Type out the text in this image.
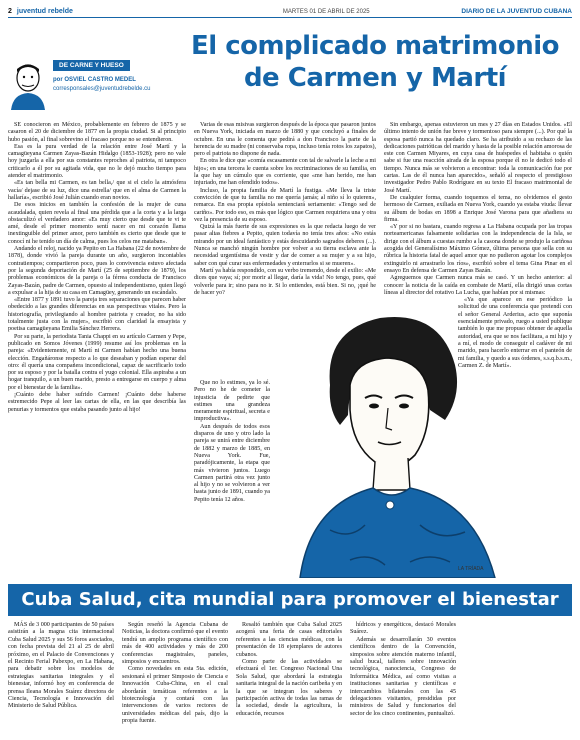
2 juventud rebelde	MARTES 01 DE ABRIL DE 2025	DIARIO DE LA JUVENTUD CUBANA
DE CARNE Y HUESO
por OSVIEL CASTRO MEDEL
corresponsales@juventudrebelde.cu
El complicado matrimonio
de Carmen y Martí

SE conocieron en México, probablemente en febrero de 1875 y se casaron el 20 de diciembre de 1877 en la propia ciudad. Si al principio hubo pasión, al final sobrevino el fracaso porque no se entendieron.

Esa es la pura verdad de la relación entre José Martí y la camagüeyana Carmen Zayas-Bazán Hidalgo (1853-1928); pero no vale hoy juzgarla a ella por sus constantes reproches al patriota, ni tampoco criticarlo a él por su agitada vida, que no le dejó mucho tiempo para atender el matrimonio.

«Es tan bella mi Carmen, es tan bella,/ que si el cielo la atmósfera vacía/ dejase de su luz, dice una estrella/ que en el alma de Carmen la hallaría», escribió José Julián cuando eran novios.

De esos inicios en también la confesión de la mujer de cuna acaudalada, quien revela al final una pérdida que a la corta y a la larga obstaculizó el verdadero amor: «Es muy cierto que desde que te vi te amé, desde el primer momento sentí nacer en mi corazón llama inextinguible del primer amor, pero también es cierto que desde que te conocí ni he tenido un día de calma, pues los celos me mataban».

Andando el reloj, nacido ya Pepito en La Habana (22 de noviembre de 1878), donde vivió la pareja durante un año, surgieron incontables contratiempos; compartieron poco, pues lo convivencia estuvo afectada por la segunda deportación de Martí (25 de septiembre de 1879), los problemas económicos de la pareja o la férrea conducta de Francisco Zayas-Bazán, padre de Carmen, opuesto al independentismo, quien llegó a expulsar a la hija de su casa en Camagüey, generando un escándalo.

«Entre 1877 y 1891 tuvo la pareja tres separaciones que parecen haber obedecido a las grandes diferencias en sus perspectivas vitales. Pero la historiografía, privilegiando al hombre patriota y creador, no ha sido totalmente justa con la mujer», escribió con claridad la ensayista y poetisa camagüeyana Emilia Sánchez Herrera.

Por su parte, la periodista Tania Chappi en su artículo Carmen y Pepe, publicado en Somos Jóvenes (1999) resume así los problemas en la pareja: «Evidentemente, ni Martí ni Carmen habían hecho una buena elección. Engañáronse respecto a lo que deseaban y podían esperar del otro: él quería una compañera incondicional, capaz de sacrificarlo todo por su esposo y por la batalla contra el yugo colonial. Ella aspiraba a un hogar tranquilo, a un buen marido, presto a entregarse en cuerpo y alma por el bienestar de la familia».

¡Cuánto debe haber sufrido Carmen! ¡Cuánto debe haberse estremecido Pepe al leer las cartas de ella, en las que describía las penurias y tormentos que estaba pasando junto al hijo!

Varias de esas misivas surgieron después de la época que pasaron juntos en Nueva York, iniciada en marzo de 1880 y que concluyó a finales de octubre. En una le comenta que pedirá a don Francisco la parte de la herencia de su madre (ni conservaba ropa, incluso tenía rotos los zapatos), pero el patriota no dispone de nada.

En otra le dice que «comía escasamente con tal de salvarle la leche a mi hijo»; en una tercera le cuenta sobre los recriminaciones de su familia, en la que hay un cúmulo que es corriente, que «me han herido, me han injuriado, me han ofendido todos».

Incluso, la propia familia de Martí la fustiga. «Me lleva la triste convicción de que tu familia no me quería jamás; al niño sí lo quieren», remarca. En esa propia epístola sentenciará seriamente: «Tengo sed de cariño». Por todo eso, es más que lógico que Carmen requiriera una y otra vez la presencia de su esposo.

Quizá la más fuerte de sus expresiones es la que redacta luego de ver pasar altas fiebres a Pepito, quien todavía no tenía tres años: «No estás mirando por un ideal fantástico y estás descuidando sagrados deberes (...). Nunca se manchó ningún hombre por volver a su tierra esclava ante la necesidad urgentísima de vestir y dar de comer a su mujer y a su hijo, saber con qué curar sus enfermedades y enterrarlos si se mueren».

Martí ya había respondido, con su verbo tremendo, desde el exilio: «Me dices que vaya; sí; por morir al llegar, daría la vida! No tengo, pues, qué volverle para ir; sino para no ir. Si lo entiendes, está bien. Si no, ¡qué he de hacer yo?

Que no lo estimes, ya lo sé. Pero no he de cometer la injusticia de pedirte que estimes una grandeza meramente espiritual, secreta e improductiva».

Aun después de todos esos disparos de uno y otro lado la pareja se unirá entre diciembre de 1882 y marzo de 1885, en Nueva York. Fue, paradójicamente, la etapa que más vivieron juntos. Luego Carmen partirá otra vez junto al hijo y no se volvieron a ver hasta junio de 1891, cuando ya Pepito tenía 12 años.

Sin embargo, apenas estuvieron un mes y 27 días en Estados Unidos. «El último intento de unión fue breve y tormentoso para siempre (...). Por qué la esposa partió nunca ha quedado claro. Se ha atribuido a su rechazo de las dedicaciones patrióticas del marido y hasta de la posible relación amorosa de este con Carmen Miyares, en cuya casa de huéspedes el habitaba o quién sabe si fue una reacción airada de la esposa porque él no le dedicó todo el tiempo. Nunca más se volvieron a encontrar: toda la comunicación fue por cartas. Las de él nunca han aparecido», señaló al respecto el prestigioso investigador Pedro Pablo Rodríguez en su texto El fracaso matrimonial de José Martí.

De cualquier forma, cuando toquemos el tema, no olvidemos el gesto hermoso de Carmen, exiliada en Nueva York, cuando ya estaba viuda: llevar su álbum de bodas en 1898 a Enrique José Varona para que añadiera su firma.

«Y por si no bastara, cuando regresa a La Habana ocupada por las tropas norteamericanas falsamente solidarias con la independencia de la Isla, se dirige con el álbum a cuestas rumbo a la casona donde se produjo la cariñosa acogida del Generalísimo Máximo Gómez, última persona que sella con su rúbrica la historia fatal de aquel amor que no pudieron agotar los complejos extinguirlo ni arrastrarlo los ríos», escribió sobre el tema Gina Pinar en el ensayo En defensa de Carmen Zayas Bazán.

Agreguemos que Carmen nunca más se casó. Y un hecho anterior: al conocer la noticia de la caída en combate de Martí, ella dirigió unas cortas líneas al director del rotativo La Lucha, que habían por si mismas:

«Ya que aparece en ese periódico la solicitud de una conferencia que pretendí con el señor General Arderius, acto que suponía esencialmente privado, ruego a usted publique también lo que me propuso obtener de aquella autoridad, era que se nos facilitara, a mi hijo y a mí, el modo de conseguir el cadáver de mi marido, para hacerlo enterrar en el panteón de mi familia, y quedo a sus órdenes, s.s.q.b.s.m., Carmen Z. de Martí».

LA TRÍADA
Cuba Salud, cita mundial para promover el bienestar

MÁS de 3 000 participantes de 50 países asistirán a la magna cita internacional Cuba Salud 2025 y sus 56 foros asociados, con fecha prevista del 21 al 25 de abril próximo, en el Palacio de Convenciones y el Recinto Ferial Pabexpo, en La Habana, para debatir sobre los modelos de estrategias sanitarias integrales y el bienestar, informó hoy en conferencia de prensa Ileana Morales Suárez directora de Ciencia, Tecnología e Innovación del Ministerio de Salud Pública.

Según reseñó la Agencia Cubana de Noticias, la doctora confirmó que el evento tendrá un amplio programa científico con más de 400 actividades y más de 200 conferencias magistrales, paneles, simposios y encuentros.

Como novedades en esta 5ta. edición, sesionará el primer Simposio de Ciencia e Innovación Cuba-China, en el cual abordarán temáticas referentes a la biotecnología y contará con las intervenciones de varios rectores de universidades médicas del país, dijo la propia fuente.

Resaltó también que Cuba Salud 2025 acogerá una feria de casas editoriales referentes a las ciencias médicas, con la presentación de 18 ejemplares de autores cubanos.

Como parte de las actividades se efectuará el 1er. Congreso Nacional Una Sola Salud, que abordará la estrategia sanitaria integral de la nación caribeña y en la que se integran los saberes y participación activa de todas las ramas de la sociedad, desde la agricultura, la educación, recursos

hídricos y energéticos, destacó Morales Suárez.

Además se desarrollarán 30 eventos científicos dentro de la Convención, simposios sobre atención materno infantil, salud bucal, talleres sobre innovación tecnológica, nanociencia, Congreso de Informática Médica, así como visitas a instituciones sanitarias y científicas e intercambios bilaterales con las 45 delegaciones visitantes, presididas por ministros de Salud y funcionarios del sector de los cinco continentes, puntualizó.
